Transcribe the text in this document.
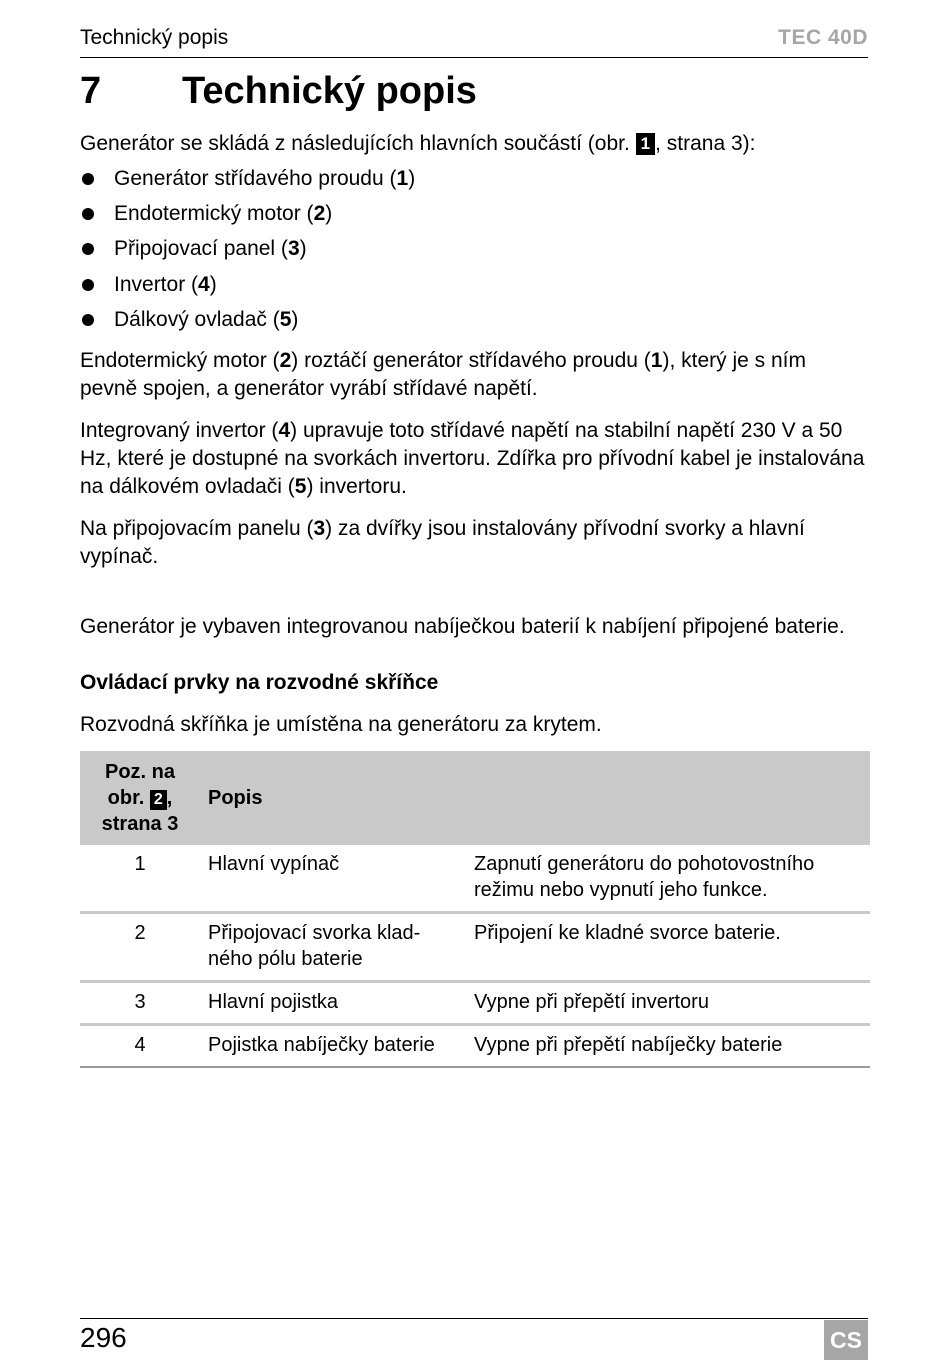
Technický popis	TEC 40D
7 Technický popis

Generátor se skládá z následujících hlavních součástí (obr. 1 , strana 3):

Generátor střídavého proudu (1)
Endotermický motor (2)
Připojovací panel (3)
Invertor (4)
Dálkový ovladač (5)

Endotermický motor (2) roztáčí generátor střídavého proudu (1), který je s ním pevně spojen, a generátor vyrábí střídavé napětí.

Integrovaný invertor (4) upravuje toto střídavé napětí na stabilní napětí 230 V a 50 Hz, které je dostupné na svorkách invertoru. Zdířka pro přívodní kabel je instalována na dálkovém ovladači (5) invertoru.

Na připojovacím panelu (3) za dvířky jsou instalovány přívodní svorky a hlavní vypínač.

Generátor je vybaven integrovanou nabíječkou baterií k nabíjení připojené baterie.

Ovládací prvky na rozvodné skříňce

Rozvodná skříňka je umístěna na generátoru za krytem.

Poz. na
obr. 2 ,
strana 3	Popis	
1	Hlavní vypínač	Zapnutí generátoru do pohotovostního režimu nebo vypnutí jeho funkce.
2	Připojovací svorka klad-ného pólu baterie	Připojení ke kladné svorce baterie.
3	Hlavní pojistka	Vypne při přepětí invertoru
4	Pojistka nabíječky baterie	Vypne při přepětí nabíječky baterie
296	CS
